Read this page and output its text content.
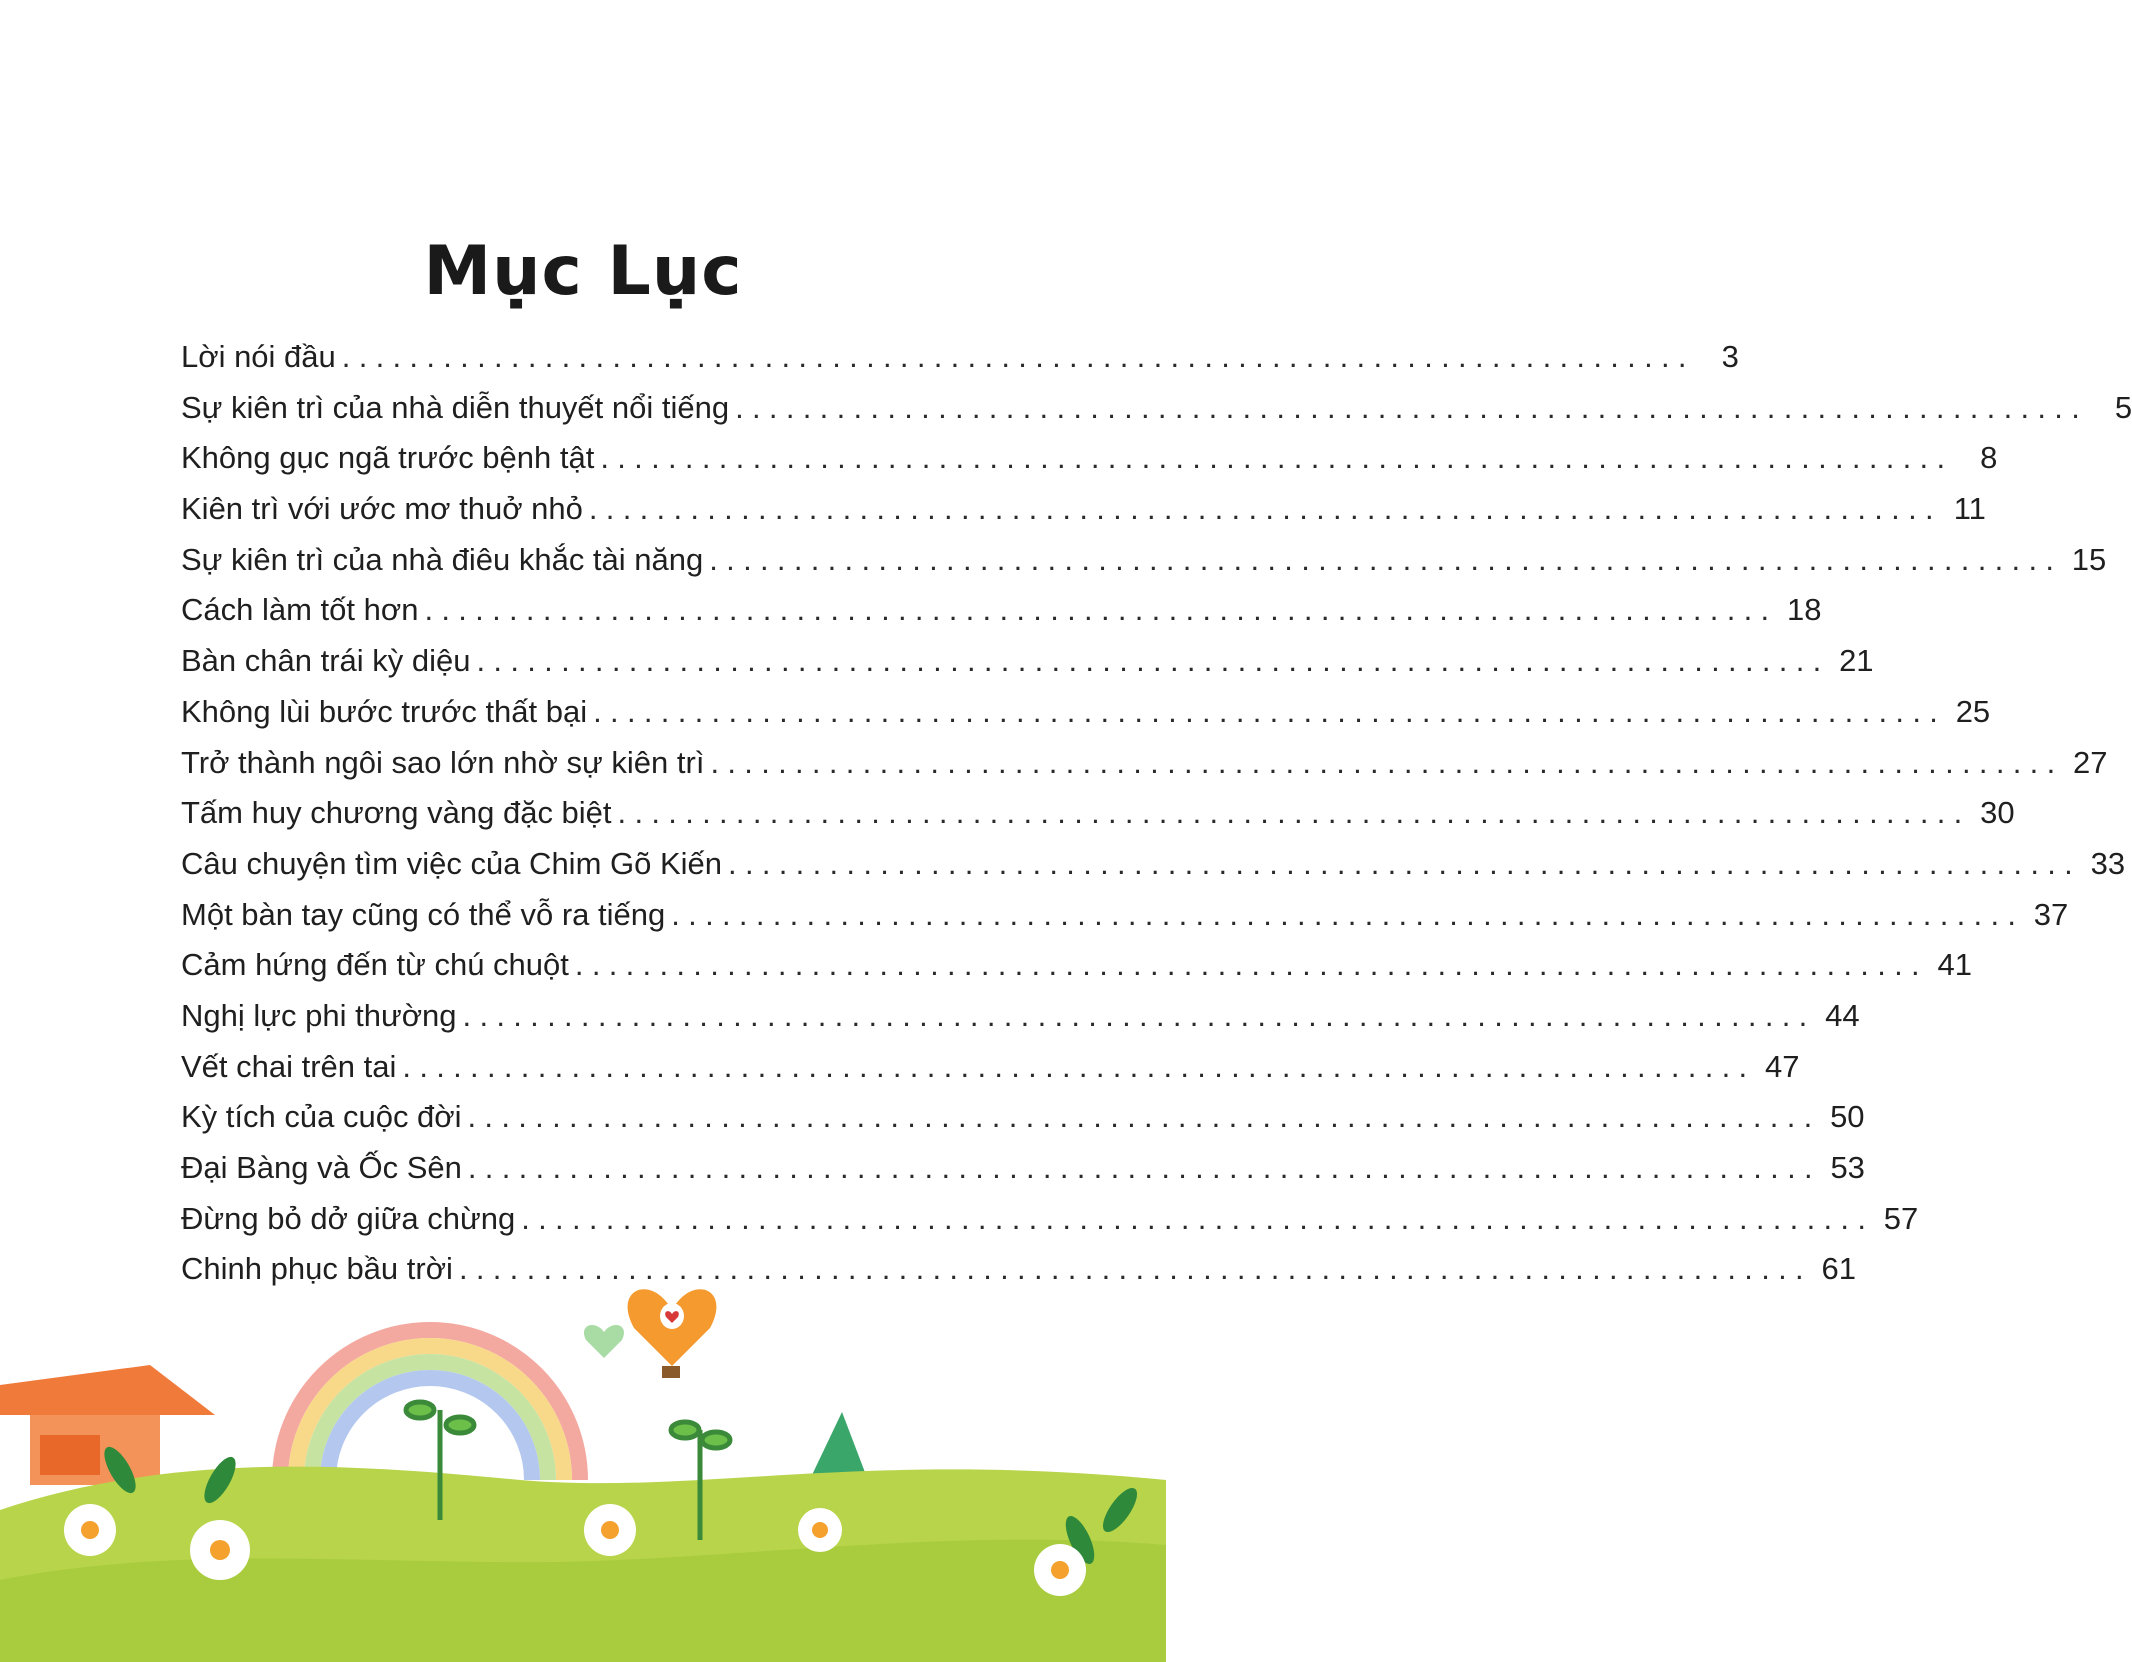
Mục Lục
Lời nói đầu ................................................................................ 3
Sự kiên trì của nhà diễn thuyết nổi tiếng ................................................................................ 5
Không gục ngã trước bệnh tật ................................................................................ 8
Kiên trì với ước mơ thuở nhỏ ................................................................................ 11
Sự kiên trì của nhà điêu khắc tài năng ................................................................................ 15
Cách làm tốt hơn ................................................................................ 18
Bàn chân trái kỳ diệu ................................................................................ 21
Không lùi bước trước thất bại ................................................................................ 25
Trở thành ngôi sao lớn nhờ sự kiên trì ................................................................................ 27
Tấm huy chương vàng đặc biệt ................................................................................ 30
Câu chuyện tìm việc của Chim Gõ Kiến ................................................................................ 33
Một bàn tay cũng có thể vỗ ra tiếng ................................................................................ 37
Cảm hứng đến từ chú chuột ................................................................................ 41
Nghị lực phi thường ................................................................................ 44
Vết chai trên tai ................................................................................ 47
Kỳ tích của cuộc đời ................................................................................ 50
Đại Bàng và Ốc Sên ................................................................................ 53
Đừng bỏ dở giữa chừng ................................................................................ 57
Chinh phục bầu trời ................................................................................ 61
